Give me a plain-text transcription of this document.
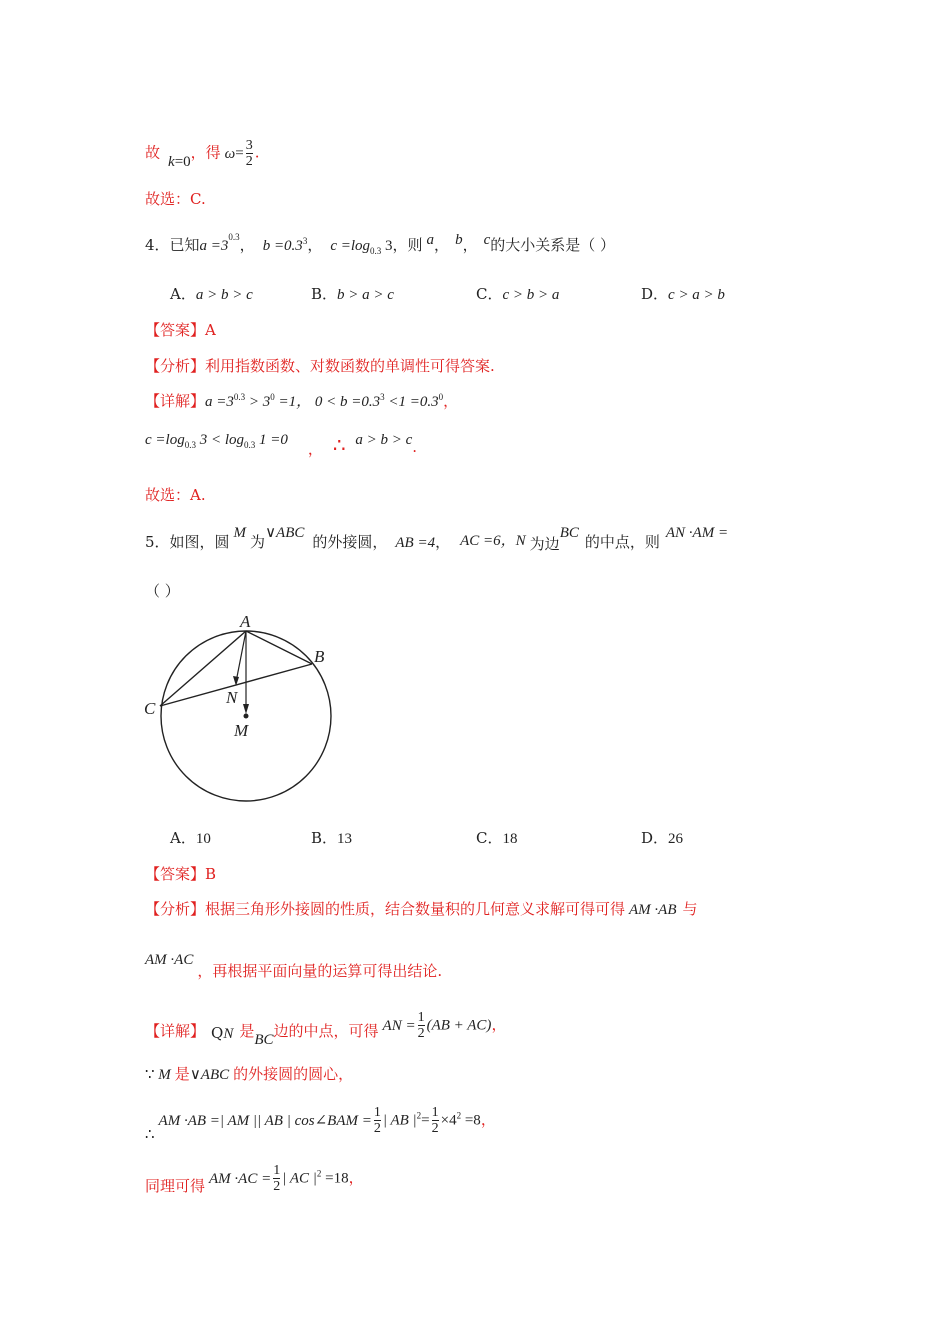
故 k=0，得 $\omega= \frac{3}{2}$ .
故选：C.
4．已知$a =3^{0.3}$， $b =0.3^3$， $c =\log_{0.3}$ 3，则 a， b， c的大小关系是（ ）
A．a > b > c	B．b > a > c	C．c > b > a	D．c > a > b
【答案】A
【分析】利用指数函数、对数函数的单调性可得答案.
【详解】$a =3^{0.3} > 3^0 =1$， $0 < b =0.3^3 <1 =0.3^0$，
$c =\log_{0.3}$ $3 < \log_{0.3} 1 =0$ ， ∴ a > b > c.
故选：A.
5．如图，圆 M 为∨ABC 的外接圆， AB =4， AC =6，N 为边BC 的中点，则 AN ·AM =
（ ）
A
B
C
N
M
A．10	B．13	C．18	D．26
【答案】B
【分析】根据三角形外接圆的性质，结合数量积的几何意义求解可得可得 AM ·AB 与
AM ·AC，再根据平面向量的运算可得出结论.
【详解】 QN 是BC边的中点，可得 AN = $\frac{1}{2} (AB + AC)$，
∵ M 是∨ABC 的外接圆的圆心，
∴AM ·AB =| AM || AB | cos∠BAM = $\frac{1}{2}$ | AB $|^2= \frac{1}{2} \times 4^2 =8$，
同理可得 AM $\cdot AC = \frac{1}{2}$ | AC $|^2 =18$，
